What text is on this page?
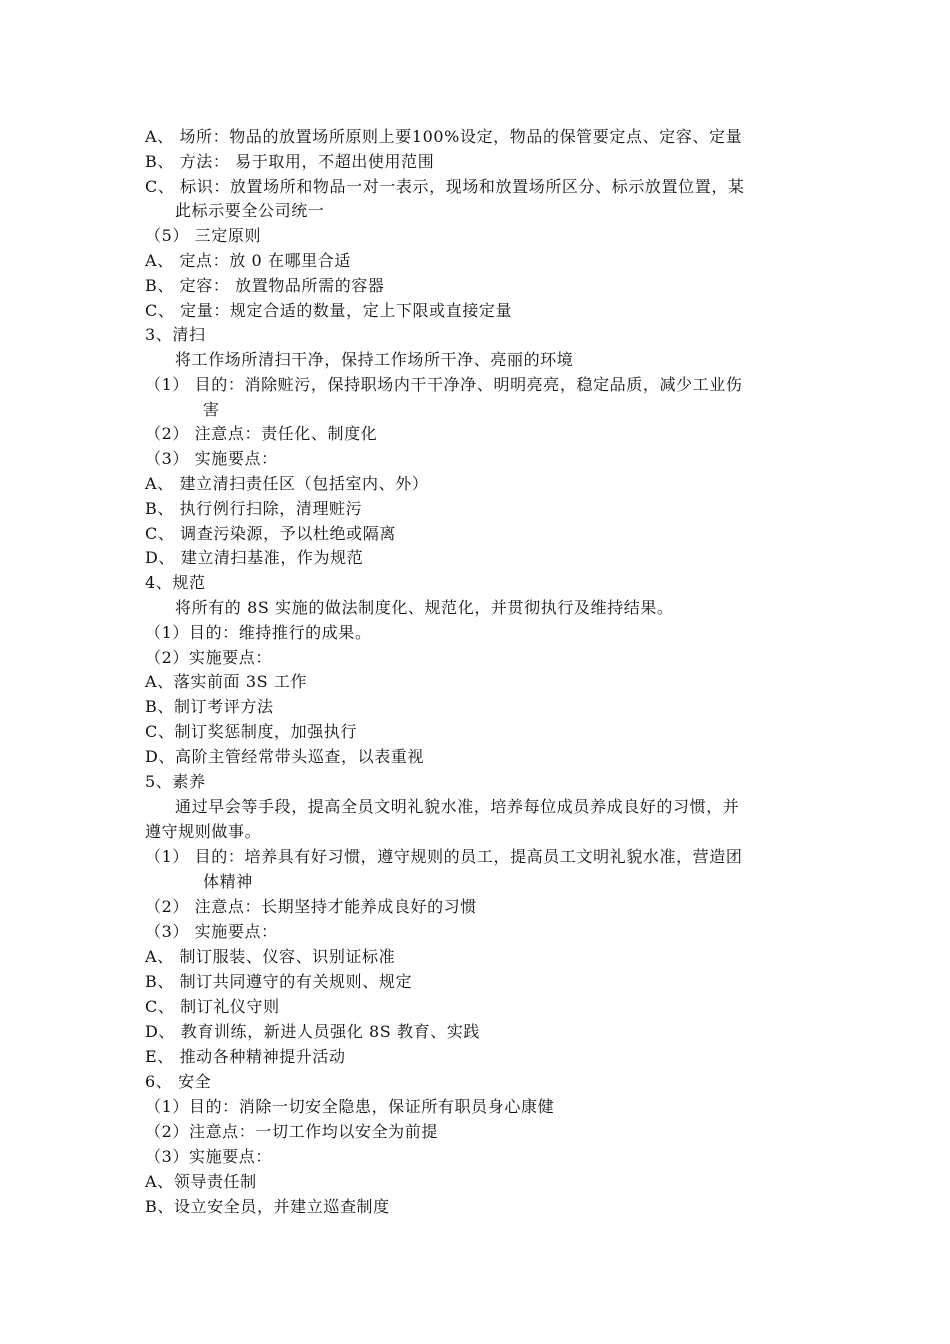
A、 场所：物品的放置场所原则上要100%设定，物品的保管要定点、定容、定量
B、 方法： 易于取用，不超出使用范围
C、 标识：放置场所和物品一对一表示，现场和放置场所区分、标示放置位置，某
此标示要全公司统一
（5） 三定原则
A、 定点：放 0 在哪里合适
B、 定容： 放置物品所需的容器
C、 定量：规定合适的数量，定上下限或直接定量
3、清扫
将工作场所清扫干净，保持工作场所干净、亮丽的环境
（1） 目的：消除赃污，保持职场内干干净净、明明亮亮，稳定品质，减少工业伤
害
（2） 注意点：责任化、制度化
（3） 实施要点：
A、 建立清扫责任区（包括室内、外）
B、 执行例行扫除，清理赃污
C、 调查污染源，予以杜绝或隔离
D、 建立清扫基准，作为规范
4、规范
将所有的 8S 实施的做法制度化、规范化，并贯彻执行及维持结果。
（1）目的：维持推行的成果。
（2）实施要点：
A、落实前面 3S 工作
B、制订考评方法
C、制订奖惩制度，加强执行
D、高阶主管经常带头巡查，以表重视
5、素养
通过早会等手段，提高全员文明礼貌水准，培养每位成员养成良好的习惯，并
遵守规则做事。
（1） 目的：培养具有好习惯，遵守规则的员工，提高员工文明礼貌水准，营造团
体精神
（2） 注意点：长期坚持才能养成良好的习惯
（3） 实施要点：
A、 制订服装、仪容、识别证标准
B、 制订共同遵守的有关规则、规定
C、 制订礼仪守则
D、 教育训练，新进人员强化 8S 教育、实践
E、 推动各种精神提升活动
6、 安全
（1）目的：消除一切安全隐患，保证所有职员身心康健
（2）注意点：一切工作均以安全为前提
（3）实施要点：
A、领导责任制
B、设立安全员，并建立巡查制度
